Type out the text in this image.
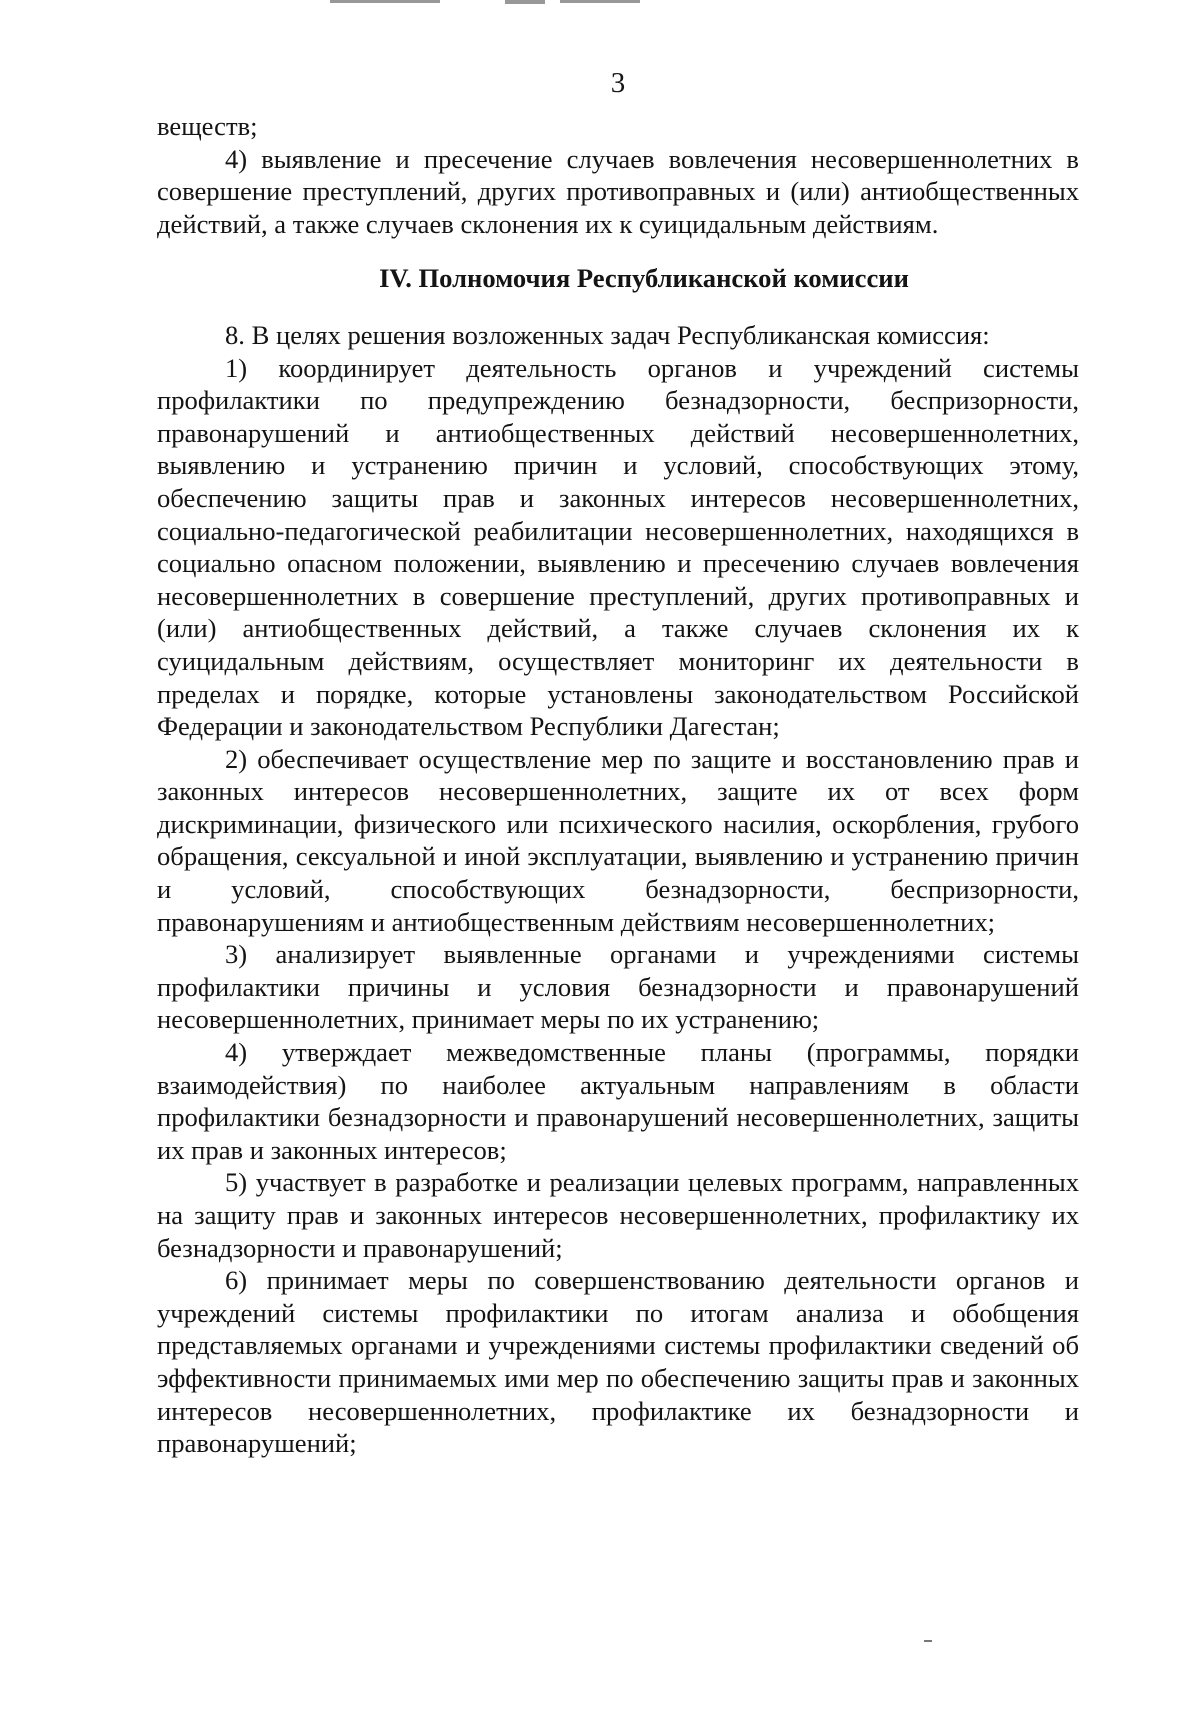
3

веществ;

4) выявление и пресечение случаев вовлечения несовершеннолетних в совершение преступлений, других противоправных и (или) антиобщественных действий, а также случаев склонения их к суицидальным действиям.

IV. Полномочия Республиканской комиссии

8. В целях решения возложенных задач Республиканская комиссия:

1) координирует деятельность органов и учреждений системы профилактики по предупреждению безнадзорности, беспризорности, правонарушений и антиобщественных действий несовершеннолетних, выявлению и устранению причин и условий, способствующих этому, обеспечению защиты прав и законных интересов несовершеннолетних, социально-педагогической реабилитации несовершеннолетних, находящихся в социально опасном положении, выявлению и пресечению случаев вовлечения несовершеннолетних в совершение преступлений, других противоправных и (или) антиобщественных действий, а также случаев склонения их к суицидальным действиям, осуществляет мониторинг их деятельности в пределах и порядке, которые установлены законодательством Российской Федерации и законодательством Республики Дагестан;

2) обеспечивает осуществление мер по защите и восстановлению прав и законных интересов несовершеннолетних, защите их от всех форм дискриминации, физического или психического насилия, оскорбления, грубого обращения, сексуальной и иной эксплуатации, выявлению и устранению причин и условий, способствующих безнадзорности, беспризорности, правонарушениям и антиобщественным действиям несовершеннолетних;

3) анализирует выявленные органами и учреждениями системы профилактики причины и условия безнадзорности и правонарушений несовершеннолетних, принимает меры по их устранению;

4) утверждает межведомственные планы (программы, порядки взаимодействия) по наиболее актуальным направлениям в области профилактики безнадзорности и правонарушений несовершеннолетних, защиты их прав и законных интересов;

5) участвует в разработке и реализации целевых программ, направленных на защиту прав и законных интересов несовершеннолетних, профилактику их безнадзорности и правонарушений;

6) принимает меры по совершенствованию деятельности органов и учреждений системы профилактики по итогам анализа и обобщения представляемых органами и учреждениями системы профилактики сведений об эффективности принимаемых ими мер по обеспечению защиты прав и законных интересов несовершеннолетних, профилактике их безнадзорности и правонарушений;
